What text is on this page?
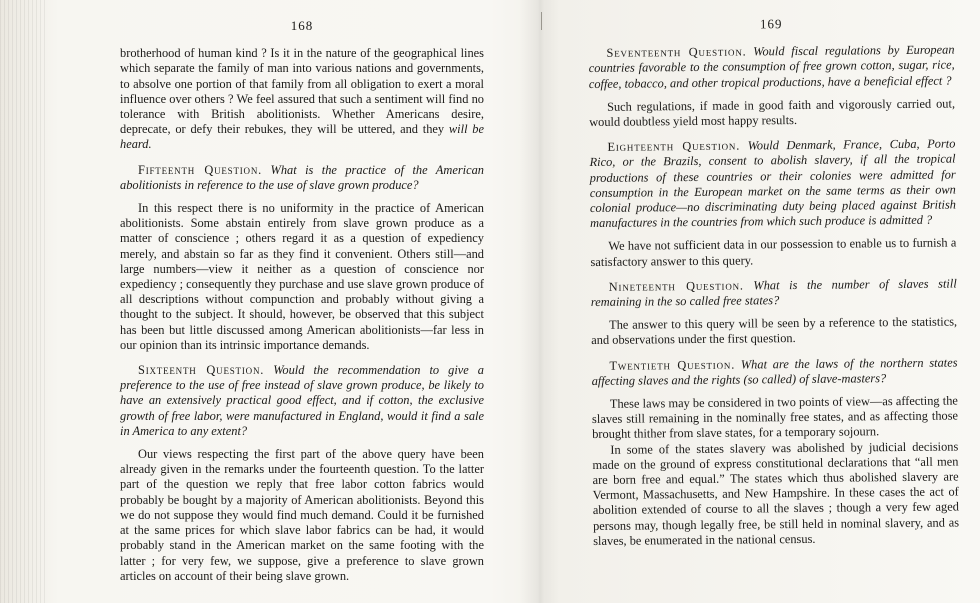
168

brotherhood of human kind ? Is it in the nature of the geographical lines which separate the family of man into various nations and governments, to absolve one portion of that family from all obligation to exert a moral influence over others ? We feel assured that such a sentiment will find no tolerance with British abolitionists. Whether Americans desire, deprecate, or defy their rebukes, they will be uttered, and they will be heard.

Fifteenth Question. What is the practice of the American abolitionists in reference to the use of slave grown produce?

In this respect there is no uniformity in the practice of American abolitionists. Some abstain entirely from slave grown produce as a matter of conscience ; others regard it as a question of expediency merely, and abstain so far as they find it convenient. Others still—and large numbers—view it neither as a question of conscience nor expediency ; consequently they purchase and use slave grown produce of all descriptions without compunction and probably without giving a thought to the subject. It should, however, be observed that this subject has been but little discussed among American abolitionists—far less in our opinion than its intrinsic importance demands.

Sixteenth Question. Would the recommendation to give a preference to the use of free instead of slave grown produce, be likely to have an extensively practical good effect, and if cotton, the exclusive growth of free labor, were manufactured in England, would it find a sale in America to any extent?

Our views respecting the first part of the above query have been already given in the remarks under the fourteenth question. To the latter part of the question we reply that free labor cotton fabrics would probably be bought by a majority of American abolitionists. Beyond this we do not suppose they would find much demand. Could it be furnished at the same prices for which slave labor fabrics can be had, it would probably stand in the American market on the same footing with the latter ; for very few, we suppose, give a preference to slave grown articles on account of their being slave grown.

169

Seventeenth Question. Would fiscal regulations by European countries favorable to the consumption of free grown cotton, sugar, rice, coffee, tobacco, and other tropical productions, have a beneficial effect ?

Such regulations, if made in good faith and vigorously carried out, would doubtless yield most happy results.

Eighteenth Question. Would Denmark, France, Cuba, Porto Rico, or the Brazils, consent to abolish slavery, if all the tropical productions of these countries or their colonies were admitted for consumption in the European market on the same terms as their own colonial produce—no discriminating duty being placed against British manufactures in the countries from which such produce is admitted ?

We have not sufficient data in our possession to enable us to furnish a satisfactory answer to this query.

Nineteenth Question. What is the number of slaves still remaining in the so called free states?

The answer to this query will be seen by a reference to the statistics, and observations under the first question.

Twentieth Question. What are the laws of the northern states affecting slaves and the rights (so called) of slave-masters?

These laws may be considered in two points of view—as affecting the slaves still remaining in the nominally free states, and as affecting those brought thither from slave states, for a temporary sojourn.

In some of the states slavery was abolished by judicial decisions made on the ground of express constitutional declarations that “all men are born free and equal.” The states which thus abolished slavery are Vermont, Massachusetts, and New Hampshire. In these cases the act of abolition extended of course to all the slaves ; though a very few aged persons may, though legally free, be still held in nominal slavery, and as slaves, be enumerated in the national census.
